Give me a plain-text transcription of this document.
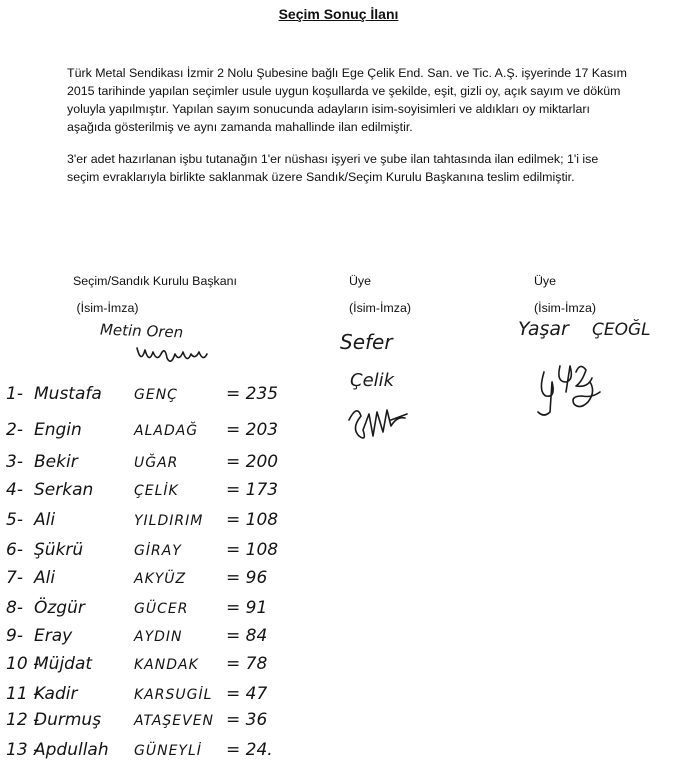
Seçim Sonuç İlanı

Türk Metal Sendikası İzmir 2 Nolu Şubesine bağlı Ege Çelik End. San. ve Tic. A.Ş. işyerinde 17 Kasım 2015 tarihinde yapılan seçimler usule uygun koşullarda ve şekilde, eşit, gizli oy, açık sayım ve döküm yoluyla yapılmıştır. Yapılan sayım sonucunda adayların isim-soyisimleri ve aldıkları oy miktarları aşağıda gösterilmiş ve aynı zamanda mahallinde ilan edilmiştir.

3'er adet hazırlanan işbu tutanağın 1'er nüshası işyeri ve şube ilan tahtasında ilan edilmek; 1'i ise seçim evraklarıyla birlikte saklanmak üzere Sandık/Seçim Kurulu Başkanına teslim edilmiştir.

Seçim/Sandık Kurulu Başkanı
(İsim-İmza)
Metin Oren
Üye
(İsim-İmza)
Sefer
Çelik
Üye
(İsim-İmza)
Yaşar ÇEOĞL
1- Mustafa GENÇ	= 235
2- Engin	ALADAĞ = 203
3- Bekir	UĞAR	= 200
4- Serkan	ÇELİK	= 173
5- Ali	YILDIRIM = 108
6- Şükrü	GİRAY	= 108
7- Ali	AKYÜZ = 96
8- Özgür	GÜCER = 91
9- Eray	AYDIN	= 84
10 -Müjdat	KANDAK = 78
11 -Kadir	KARSUGİL = 47
12 -Durmuş ATAŞEVEN = 36
13 -Apdullah GÜNEYLİ = 24.
